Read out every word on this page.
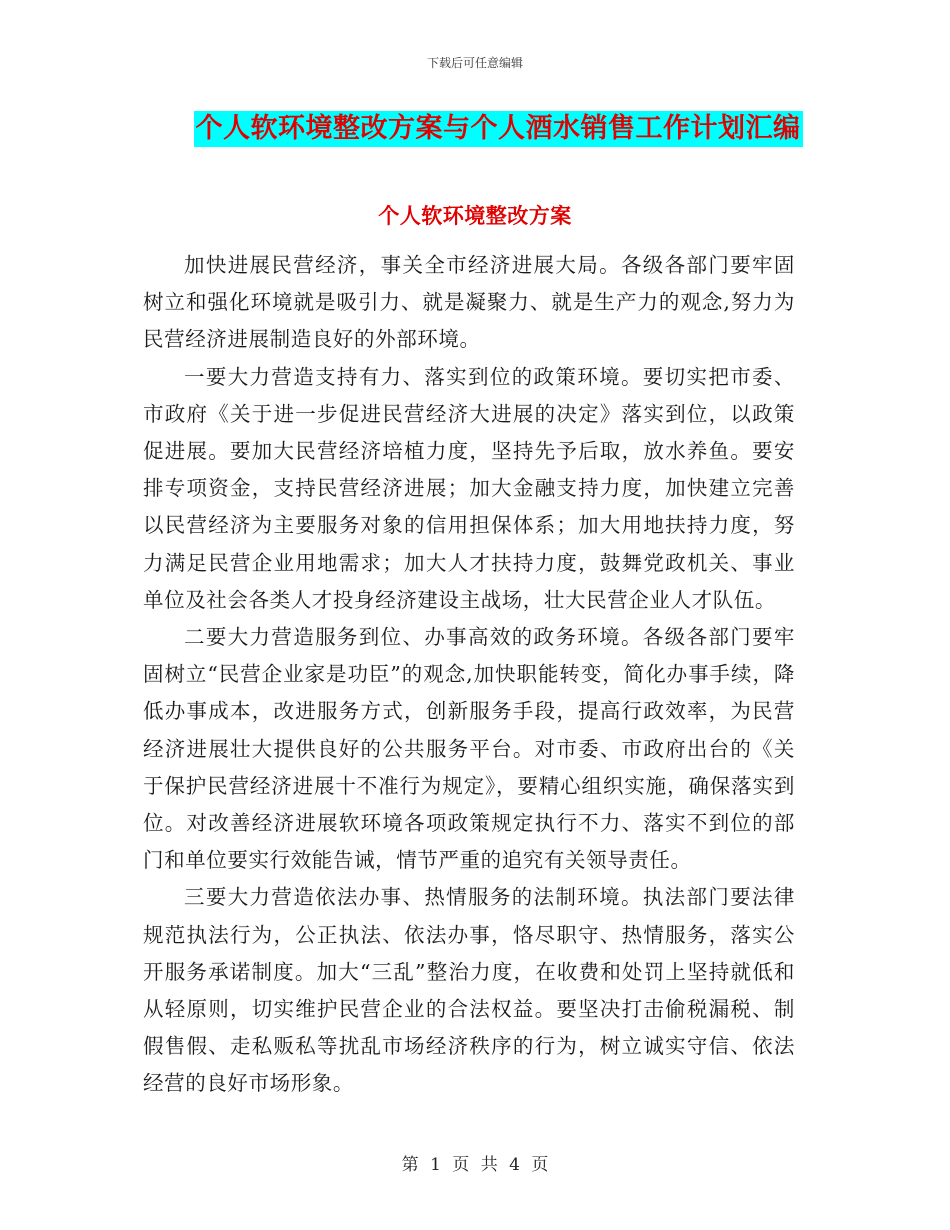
下载后可任意编辑
个人软环境整改方案与个人酒水销售工作计划汇编
个人软环境整改方案

加快进展民营经济，事关全市经济进展大局。各级各部门要牢固树立和强化环境就是吸引力、就是凝聚力、就是生产力的观念,努力为民营经济进展制造良好的外部环境。

一要大力营造支持有力、落实到位的政策环境。要切实把市委、市政府《关于进一步促进民营经济大进展的决定》落实到位，以政策促进展。要加大民营经济培植力度，坚持先予后取，放水养鱼。要安排专项资金，支持民营经济进展；加大金融支持力度，加快建立完善以民营经济为主要服务对象的信用担保体系；加大用地扶持力度，努力满足民营企业用地需求；加大人才扶持力度，鼓舞党政机关、事业单位及社会各类人才投身经济建设主战场，壮大民营企业人才队伍。

二要大力营造服务到位、办事高效的政务环境。各级各部门要牢固树立“民营企业家是功臣”的观念,加快职能转变，简化办事手续，降低办事成本，改进服务方式，创新服务手段，提高行政效率，为民营经济进展壮大提供良好的公共服务平台。对市委、市政府出台的《关于保护民营经济进展十不准行为规定》，要精心组织实施，确保落实到位。对改善经济进展软环境各项政策规定执行不力、落实不到位的部门和单位要实行效能告诫，情节严重的追究有关领导责任。

三要大力营造依法办事、热情服务的法制环境。执法部门要法律规范执法行为，公正执法、依法办事，恪尽职守、热情服务，落实公开服务承诺制度。加大“三乱”整治力度，在收费和处罚上坚持就低和从轻原则，切实维护民营企业的合法权益。要坚决打击偷税漏税、制假售假、走私贩私等扰乱市场经济秩序的行为，树立诚实守信、依法经营的良好市场形象。

第 1 页 共 4 页
